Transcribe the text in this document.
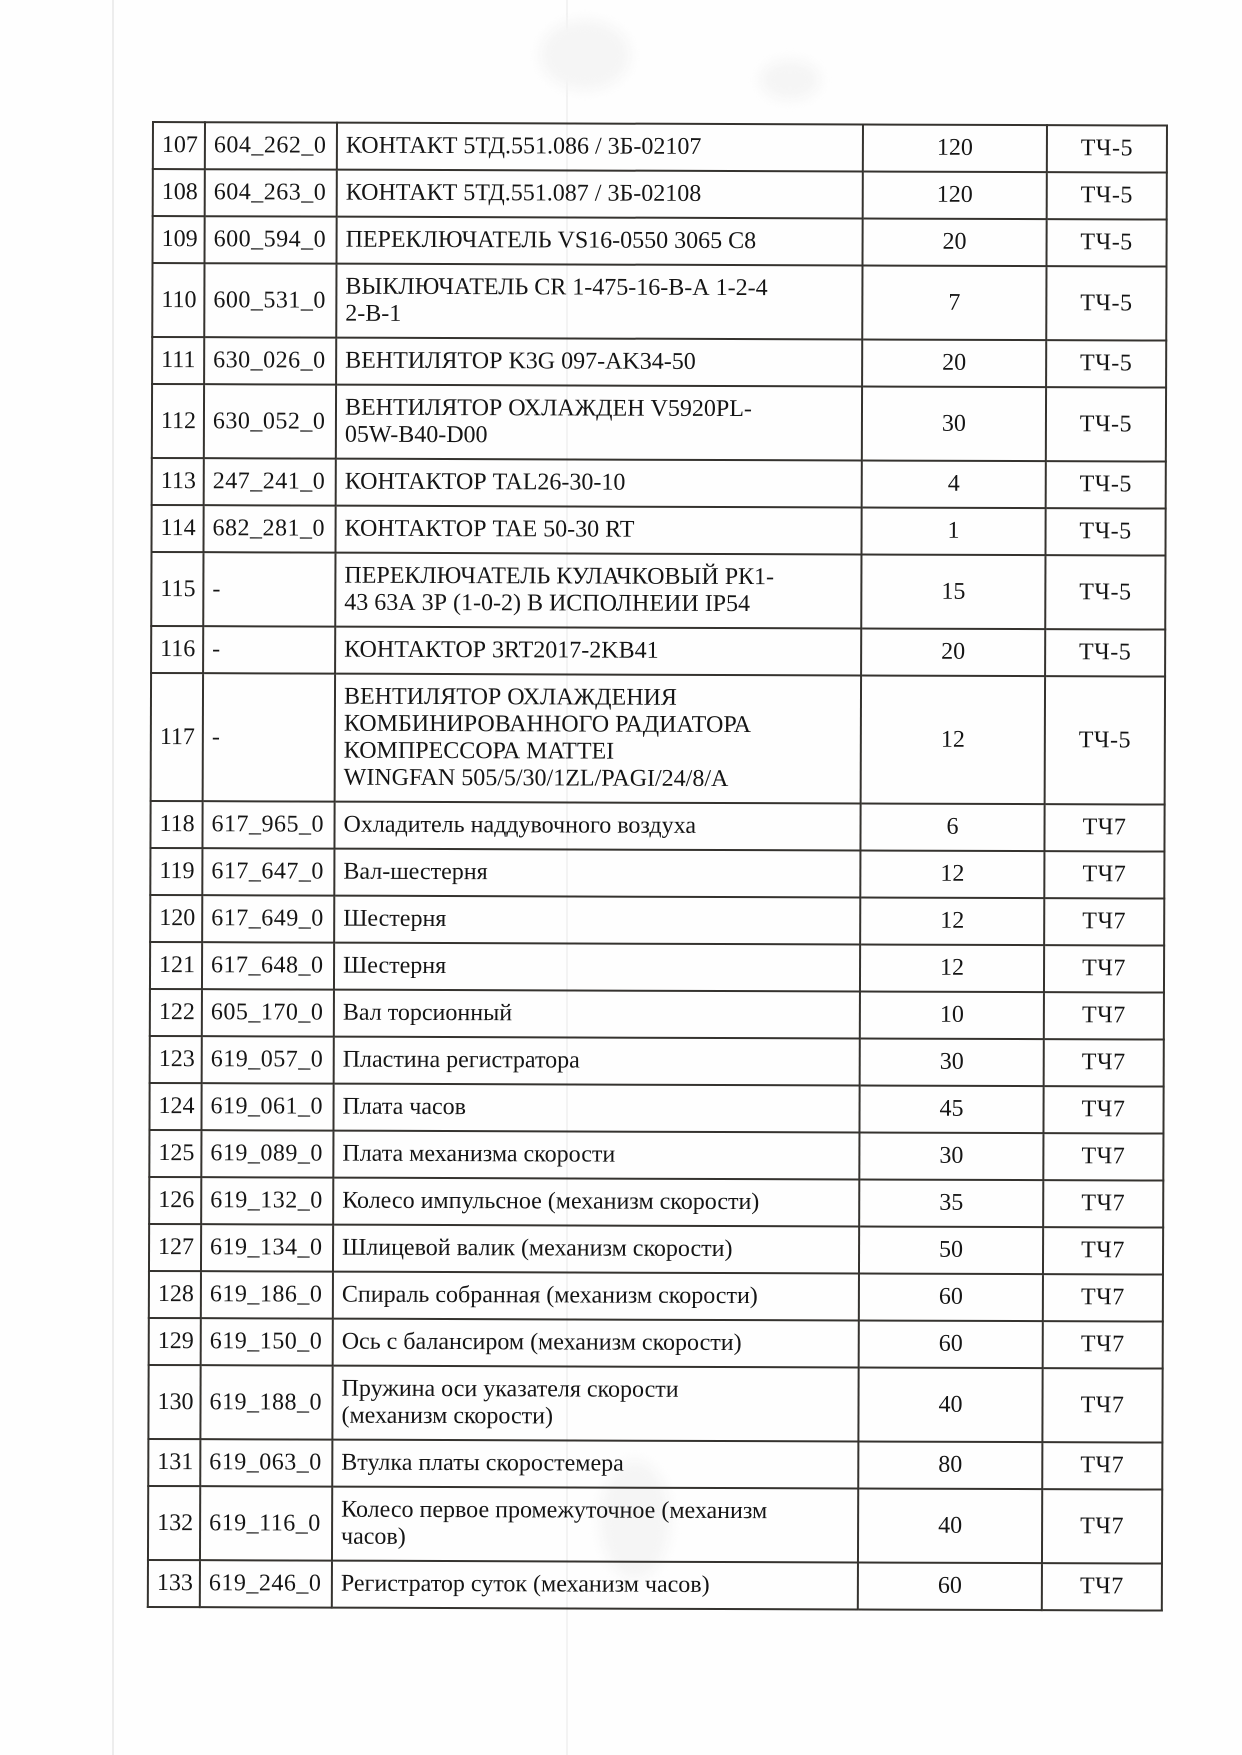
107	604_262_0	КОНТАКТ 5ТД.551.086 / 3Б-02107	120	ТЧ-5
108	604_263_0	КОНТАКТ 5ТД.551.087 / 3Б-02108	120	ТЧ-5
109	600_594_0	ПЕРЕКЛЮЧАТЕЛЬ VS16-0550 3065 C8	20	ТЧ-5
110	600_531_0	ВЫКЛЮЧАТЕЛЬ CR 1-475-16-В-А 1-2-4
2-В-1	7	ТЧ-5
111	630_026_0	ВЕНТИЛЯТОР K3G 097-AK34-50	20	ТЧ-5
112	630_052_0	ВЕНТИЛЯТОР ОХЛАЖДЕН V5920PL-
05W-B40-D00	30	ТЧ-5
113	247_241_0	КОНТАКТОР TAL26-30-10	4	ТЧ-5
114	682_281_0	КОНТАКТОР TAE 50-30 RT	1	ТЧ-5
115	-	ПЕРЕКЛЮЧАТЕЛЬ КУЛАЧКОВЫЙ РК1-
43 63А 3Р (1-0-2) В ИСПОЛНЕИИ IP54	15	ТЧ-5
116	-	КОНТАКТОР 3RT2017-2KB41	20	ТЧ-5
117	-	ВЕНТИЛЯТОР ОХЛАЖДЕНИЯ
КОМБИНИРОВАННОГО РАДИАТОРА
КОМПРЕССОРА MATTEI
WINGFAN 505/5/30/1ZL/PAGI/24/8/A	12	ТЧ-5
118	617_965_0	Охладитель наддувочного воздуха	6	ТЧ7
119	617_647_0	Вал-шестерня	12	ТЧ7
120	617_649_0	Шестерня	12	ТЧ7
121	617_648_0	Шестерня	12	ТЧ7
122	605_170_0	Вал торсионный	10	ТЧ7
123	619_057_0	Пластина регистратора	30	ТЧ7
124	619_061_0	Плата часов	45	ТЧ7
125	619_089_0	Плата механизма скорости	30	ТЧ7
126	619_132_0	Колесо импульсное (механизм скорости)	35	ТЧ7
127	619_134_0	Шлицевой валик (механизм скорости)	50	ТЧ7
128	619_186_0	Спираль собранная (механизм скорости)	60	ТЧ7
129	619_150_0	Ось с балансиром (механизм скорости)	60	ТЧ7
130	619_188_0	Пружина оси указателя скорости
(механизм скорости)	40	ТЧ7
131	619_063_0	Втулка платы скоростемера	80	ТЧ7
132	619_116_0	Колесо первое промежуточное (механизм
часов)	40	ТЧ7
133	619_246_0	Регистратор суток (механизм часов)	60	ТЧ7
